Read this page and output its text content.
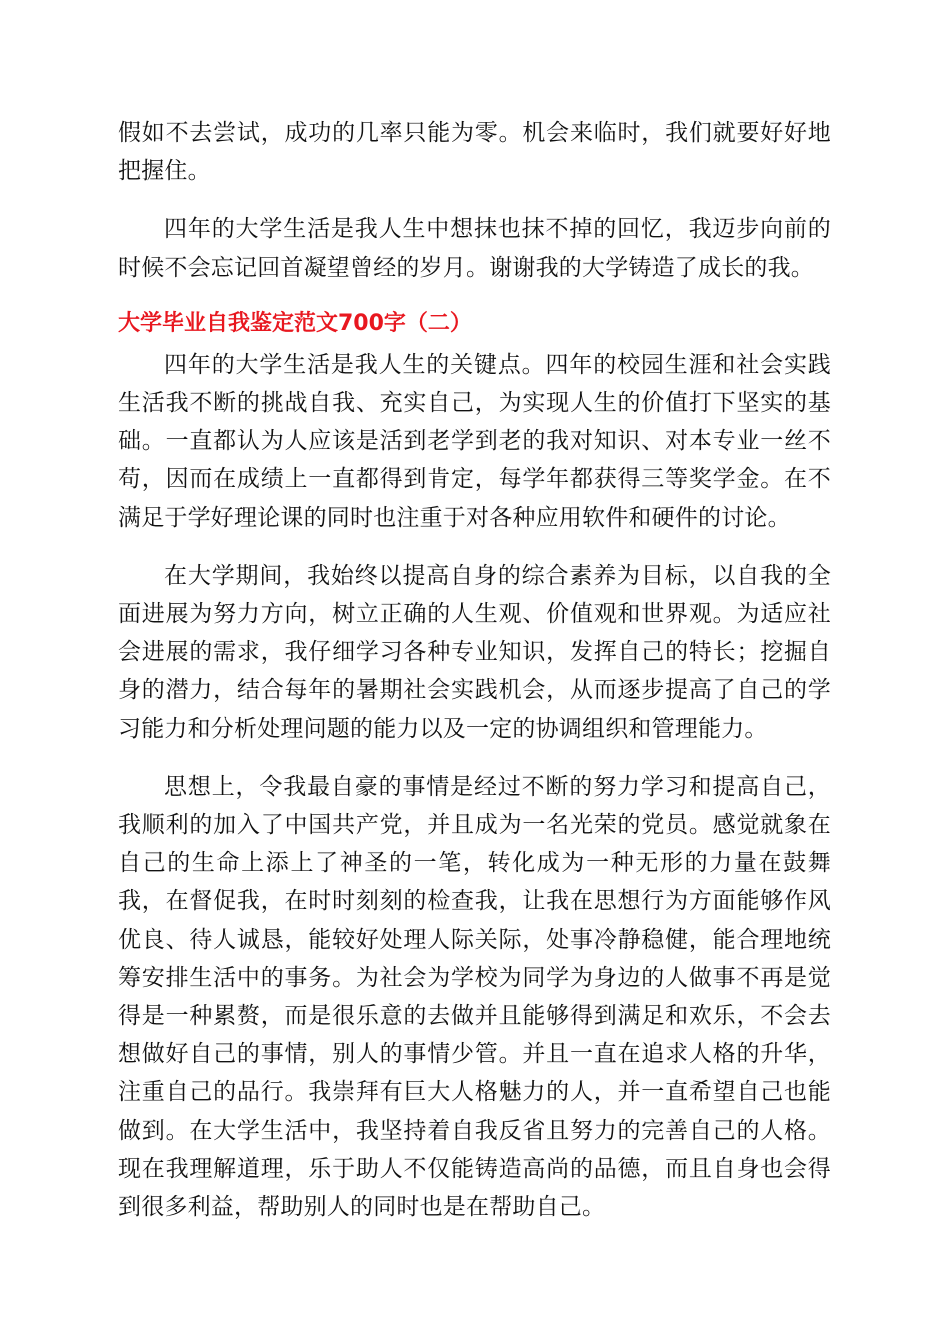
假如不去尝试，成功的几率只能为零。机会来临时，我们就要好好地把握住。

四年的大学生活是我人生中想抹也抹不掉的回忆，我迈步向前的时候不会忘记回首凝望曾经的岁月。谢谢我的大学铸造了成长的我。

大学毕业自我鉴定范文700字（二）

四年的大学生活是我人生的关键点。四年的校园生涯和社会实践生活我不断的挑战自我、充实自己，为实现人生的价值打下坚实的基础。一直都认为人应该是活到老学到老的我对知识、对本专业一丝不苟，因而在成绩上一直都得到肯定，每学年都获得三等奖学金。在不满足于学好理论课的同时也注重于对各种应用软件和硬件的讨论。

在大学期间，我始终以提高自身的综合素养为目标，以自我的全面进展为努力方向，树立正确的人生观、价值观和世界观。为适应社会进展的需求，我仔细学习各种专业知识，发挥自己的特长；挖掘自身的潜力，结合每年的暑期社会实践机会，从而逐步提高了自己的学习能力和分析处理问题的能力以及一定的协调组织和管理能力。

思想上，令我最自豪的事情是经过不断的努力学习和提高自己，我顺利的加入了中国共产党，并且成为一名光荣的党员。感觉就象在自己的生命上添上了神圣的一笔，转化成为一种无形的力量在鼓舞我，在督促我，在时时刻刻的检查我，让我在思想行为方面能够作风优良、待人诚恳，能较好处理人际关际，处事冷静稳健，能合理地统筹安排生活中的事务。为社会为学校为同学为身边的人做事不再是觉得是一种累赘，而是很乐意的去做并且能够得到满足和欢乐，不会去想做好自己的事情，别人的事情少管。并且一直在追求人格的升华，注重自己的品行。我崇拜有巨大人格魅力的人，并一直希望自己也能做到。在大学生活中，我坚持着自我反省且努力的完善自己的人格。现在我理解道理，乐于助人不仅能铸造高尚的品德，而且自身也会得到很多利益，帮助别人的同时也是在帮助自己。
